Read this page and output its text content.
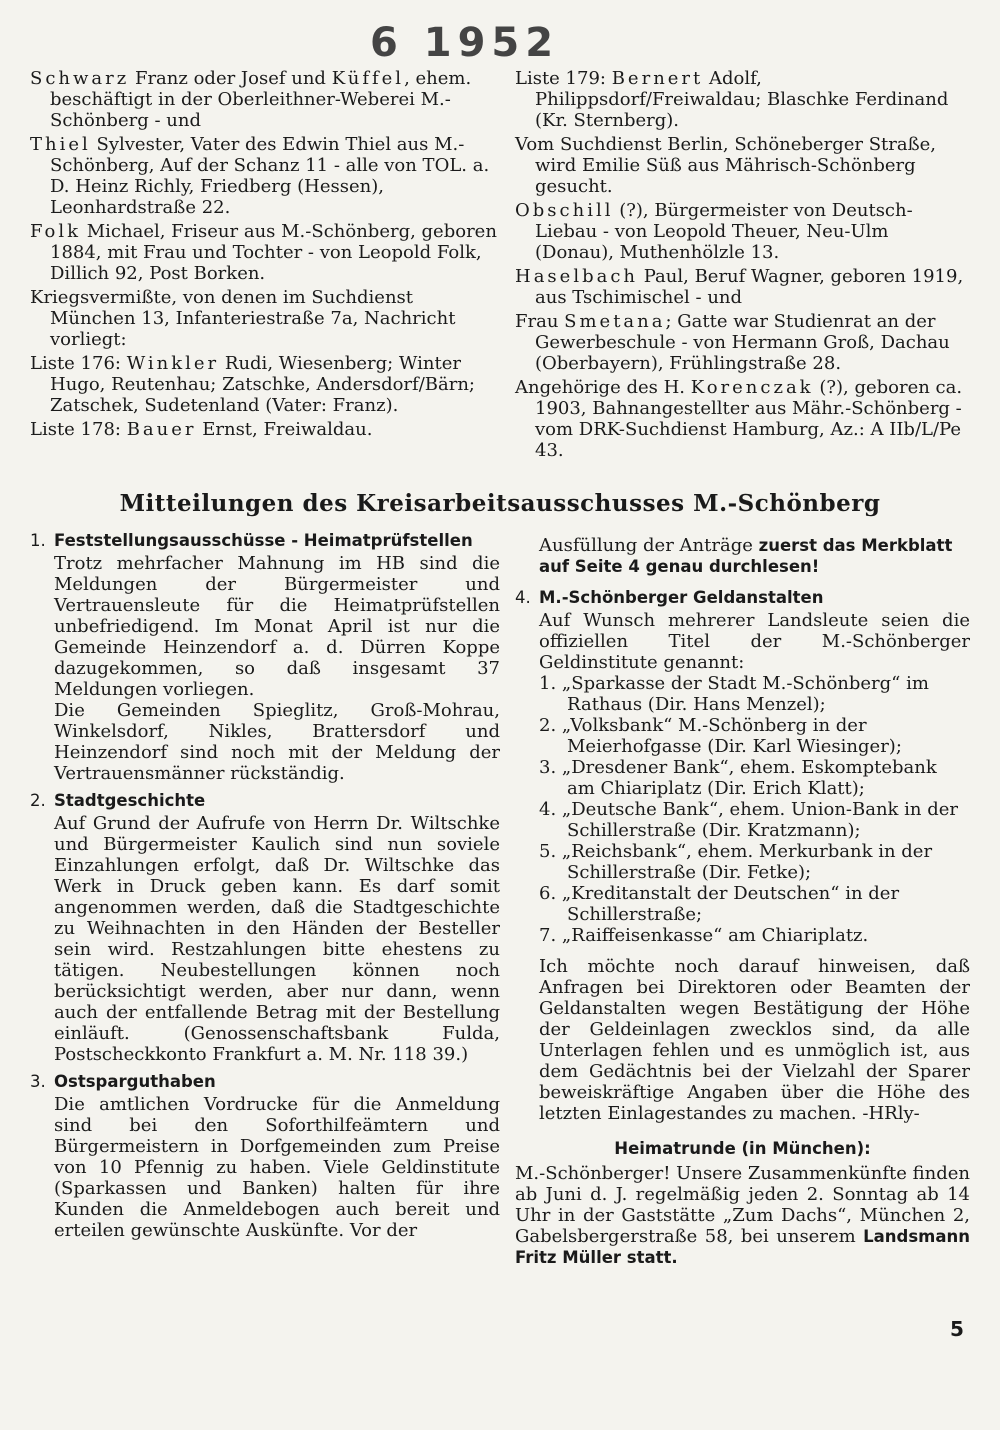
6 1952

Schwarz Franz oder Josef und Küffel, ehem. beschäftigt in der Oberleithner-Weberei M.-Schönberg - und

Thiel Sylvester, Vater des Edwin Thiel aus M.-Schönberg, Auf der Schanz 11 - alle von TOL. a. D. Heinz Richly, Friedberg (Hessen), Leonhardstraße 22.

Folk Michael, Friseur aus M.-Schönberg, geboren 1884, mit Frau und Tochter - von Leopold Folk, Dillich 92, Post Borken.

Kriegsvermißte, von denen im Suchdienst München 13, Infanteriestraße 7a, Nachricht vorliegt:

Liste 176: Winkler Rudi, Wiesenberg; Winter Hugo, Reutenhau; Zatschke, Andersdorf/Bärn; Zatschek, Sudetenland (Vater: Franz).

Liste 178: Bauer Ernst, Freiwaldau.

Liste 179: Bernert Adolf, Philippsdorf/Freiwaldau; Blaschke Ferdinand (Kr. Sternberg).

Vom Suchdienst Berlin, Schöneberger Straße, wird Emilie Süß aus Mährisch-Schönberg gesucht.

Obschill (?), Bürgermeister von Deutsch-Liebau - von Leopold Theuer, Neu-Ulm (Donau), Muthenhölzle 13.

Haselbach Paul, Beruf Wagner, geboren 1919, aus Tschimischel - und

Frau Smetana; Gatte war Studienrat an der Gewerbeschule - von Hermann Groß, Dachau (Oberbayern), Frühlingstraße 28.

Angehörige des H. Korenczak (?), geboren ca. 1903, Bahnangestellter aus Mähr.-Schönberg - vom DRK-Suchdienst Hamburg, Az.: A IIb/L/Pe 43.

Mitteilungen des Kreisarbeitsausschusses M.-Schönberg
1. Feststellungsausschüsse - Heimatprüfstellen

Trotz mehrfacher Mahnung im HB sind die Meldungen der Bürgermeister und Vertrauensleute für die Heimatprüfstellen unbefriedigend. Im Monat April ist nur die Gemeinde Heinzendorf a. d. Dürren Koppe dazugekommen, so daß insgesamt 37 Meldungen vorliegen.

Die Gemeinden Spieglitz, Groß-Mohrau, Winkelsdorf, Nikles, Brattersdorf und Heinzendorf sind noch mit der Meldung der Vertrauensmänner rückständig.

2. Stadtgeschichte

Auf Grund der Aufrufe von Herrn Dr. Wiltschke und Bürgermeister Kaulich sind nun soviele Einzahlungen erfolgt, daß Dr. Wiltschke das Werk in Druck geben kann. Es darf somit angenommen werden, daß die Stadtgeschichte zu Weihnachten in den Händen der Besteller sein wird. Restzahlungen bitte ehestens zu tätigen. Neubestellungen können noch berücksichtigt werden, aber nur dann, wenn auch der entfallende Betrag mit der Bestellung einläuft. (Genossenschaftsbank Fulda, Postscheckkonto Frankfurt a. M. Nr. 118 39.)

3. Ostsparguthaben

Die amtlichen Vordrucke für die Anmeldung sind bei den Soforthilfeämtern und Bürgermeistern in Dorfgemeinden zum Preise von 10 Pfennig zu haben. Viele Geldinstitute (Sparkassen und Banken) halten für ihre Kunden die Anmeldebogen auch bereit und erteilen gewünschte Auskünfte. Vor der

Ausfüllung der Anträge zuerst das Merkblatt auf Seite 4 genau durchlesen!
4. M.-Schönberger Geldanstalten

Auf Wunsch mehrerer Landsleute seien die offiziellen Titel der M.-Schönberger Geldinstitute genannt:

1. „Sparkasse der Stadt M.-Schönberg“ im Rathaus (Dir. Hans Menzel);
2. „Volksbank“ M.-Schönberg in der Meierhofgasse (Dir. Karl Wiesinger);
3. „Dresdener Bank“, ehem. Eskomptebank am Chiariplatz (Dir. Erich Klatt);
4. „Deutsche Bank“, ehem. Union-Bank in der Schillerstraße (Dir. Kratzmann);
5. „Reichsbank“, ehem. Merkurbank in der Schillerstraße (Dir. Fetke);
6. „Kreditanstalt der Deutschen“ in der Schillerstraße;
7. „Raiffeisenkasse“ am Chiariplatz.

Ich möchte noch darauf hinweisen, daß Anfragen bei Direktoren oder Beamten der Geldanstalten wegen Bestätigung der Höhe der Geldeinlagen zwecklos sind, da alle Unterlagen fehlen und es unmöglich ist, aus dem Gedächtnis bei der Vielzahl der Sparer beweiskräftige Angaben über die Höhe des letzten Einlagestandes zu machen. -HRly-

Heimatrunde (in München):
M.-Schönberger! Unsere Zusammenkünfte finden ab Juni d. J. regelmäßig jeden 2. Sonntag ab 14 Uhr in der Gaststätte „Zum Dachs“, München 2, Gabelsbergerstraße 58, bei unserem Landsmann Fritz Müller statt.
5
